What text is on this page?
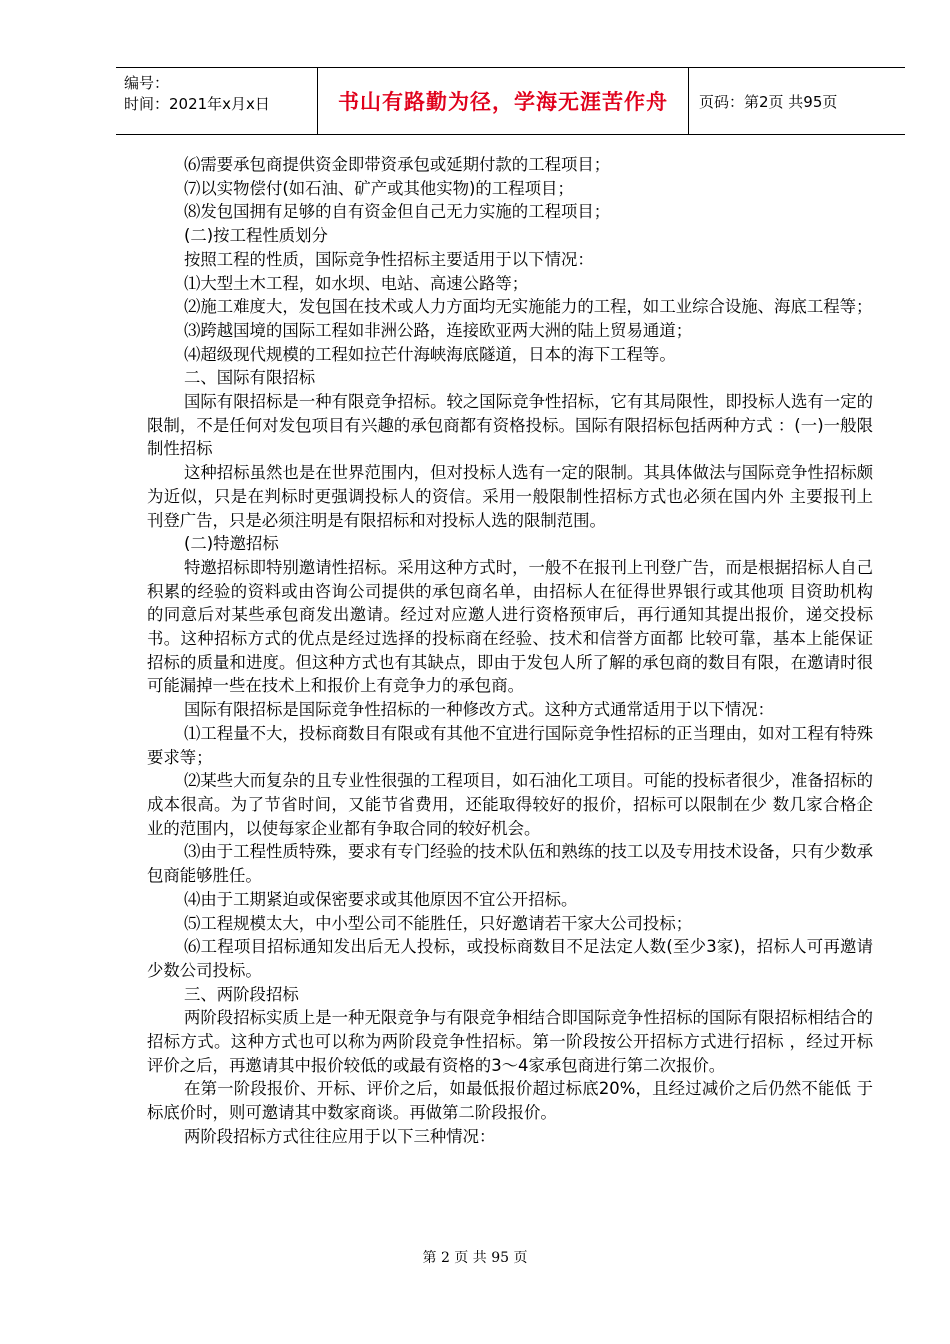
编号：
时间：2021年x月x日	书山有路勤为径，学海无涯苦作舟	页码：第2页 共95页

⑹需要承包商提供资金即带资承包或延期付款的工程项目；

⑺以实物偿付(如石油、矿产或其他实物)的工程项目；

⑻发包国拥有足够的自有资金但自己无力实施的工程项目；

(二)按工程性质划分

按照工程的性质，国际竞争性招标主要适用于以下情况：

⑴大型土木工程，如水坝、电站、高速公路等；

⑵施工难度大，发包国在技术或人力方面均无实施能力的工程，如工业综合设施、海底工程等；

⑶跨越国境的国际工程如非洲公路，连接欧亚两大洲的陆上贸易通道；

⑷超级现代规模的工程如拉芒什海峡海底隧道，日本的海下工程等。

二、国际有限招标

国际有限招标是一种有限竞争招标。较之国际竞争性招标，它有其局限性，即投标人选有一定的限制，不是任何对发包项目有兴趣的承包商都有资格投标。国际有限招标包括两种方式 ：(一)一般限制性招标

这种招标虽然也是在世界范围内，但对投标人选有一定的限制。其具体做法与国际竞争性招标颇为近似，只是在判标时更强调投标人的资信。采用一般限制性招标方式也必须在国内外 主要报刊上刊登广告，只是必须注明是有限招标和对投标人选的限制范围。

(二)特邀招标

特邀招标即特别邀请性招标。采用这种方式时，一般不在报刊上刊登广告，而是根据招标人自己积累的经验的资料或由咨询公司提供的承包商名单，由招标人在征得世界银行或其他项 目资助机构的同意后对某些承包商发出邀请。经过对应邀人进行资格预审后，再行通知其提出报价，递交投标书。这种招标方式的优点是经过选择的投标商在经验、技术和信誉方面都 比较可靠，基本上能保证招标的质量和进度。但这种方式也有其缺点，即由于发包人所了解的承包商的数目有限，在邀请时很可能漏掉一些在技术上和报价上有竞争力的承包商。

国际有限招标是国际竞争性招标的一种修改方式。这种方式通常适用于以下情况：

⑴工程量不大，投标商数目有限或有其他不宜进行国际竞争性招标的正当理由，如对工程有特殊要求等；

⑵某些大而复杂的且专业性很强的工程项目，如石油化工项目。可能的投标者很少，准备招标的成本很高。为了节省时间，又能节省费用，还能取得较好的报价，招标可以限制在少 数几家合格企业的范围内，以使每家企业都有争取合同的较好机会。

⑶由于工程性质特殊，要求有专门经验的技术队伍和熟练的技工以及专用技术设备，只有少数承包商能够胜任。

⑷由于工期紧迫或保密要求或其他原因不宜公开招标。

⑸工程规模太大，中小型公司不能胜任，只好邀请若干家大公司投标；

⑹工程项目招标通知发出后无人投标，或投标商数目不足法定人数(至少3家)，招标人可再邀请少数公司投标。

三、两阶段招标

两阶段招标实质上是一种无限竞争与有限竞争相结合即国际竞争性招标的国际有限招标相结合的招标方式。这种方式也可以称为两阶段竞争性招标。第一阶段按公开招标方式进行招标 ，经过开标评价之后，再邀请其中报价较低的或最有资格的3～4家承包商进行第二次报价。

在第一阶段报价、开标、评价之后，如最低报价超过标底20%，且经过减价之后仍然不能低 于标底价时，则可邀请其中数家商谈。再做第二阶段报价。

两阶段招标方式往往应用于以下三种情况：

第 2 页 共 95 页
